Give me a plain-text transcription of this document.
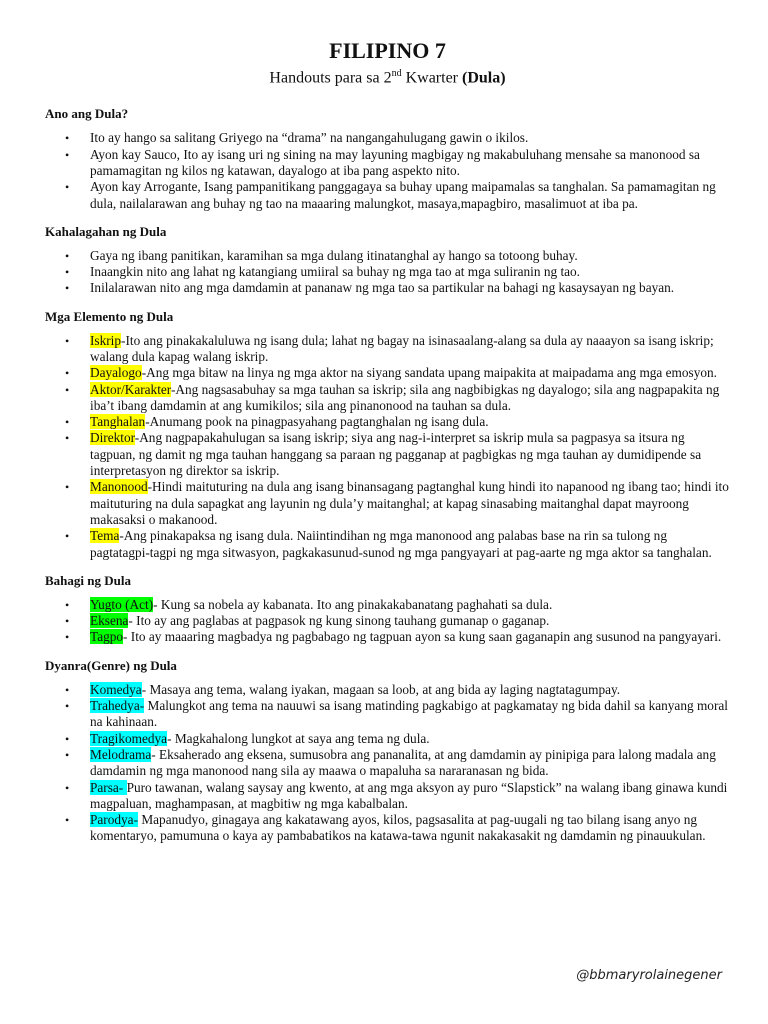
FILIPINO 7
Handouts para sa 2nd Kwarter (Dula)
Ano ang Dula?
• Ito ay hango sa salitang Griyego na “drama” na nangangahulugang gawin o ikilos.
• Ayon kay Sauco, Ito ay isang uri ng sining na may layuning magbigay ng makabuluhang mensahe sa manonood sa pamamagitan ng kilos ng katawan, dayalogo at iba pang aspekto nito.
• Ayon kay Arrogante, Isang pampanitikang panggagaya sa buhay upang maipamalas sa tanghalan. Sa pamamagitan ng dula, nailalarawan ang buhay ng tao na maaaring malungkot, masaya,mapagbiro, masalimuot at iba pa.
Kahalagahan ng Dula
• Gaya ng ibang panitikan, karamihan sa mga dulang itinatanghal ay hango sa totoong buhay.
• Inaangkin nito ang lahat ng katangiang umiiral sa buhay ng mga tao at mga suliranin ng tao.
• Inilalarawan nito ang mga damdamin at pananaw ng mga tao sa partikular na bahagi ng kasaysayan ng bayan.
Mga Elemento ng Dula
• Iskrip-Ito ang pinakakaluluwa ng isang dula; lahat ng bagay na isinasaalang-alang sa dula ay naaayon sa isang iskrip; walang dula kapag walang iskrip.
• Dayalogo-Ang mga bitaw na linya ng mga aktor na siyang sandata upang maipakita at maipadama ang mga emosyon.
• Aktor/Karakter-Ang nagsasabuhay sa mga tauhan sa iskrip; sila ang nagbibigkas ng dayalogo; sila ang nagpapakita ng iba’t ibang damdamin at ang kumikilos; sila ang pinanonood na tauhan sa dula.
• Tanghalan-Anumang pook na pinagpasyahang pagtanghalan ng isang dula.
• Direktor-Ang nagpapakahulugan sa isang iskrip; siya ang nag-i-interpret sa iskrip mula sa pagpasya sa itsura ng tagpuan, ng damit ng mga tauhan hanggang sa paraan ng pagganap at pagbigkas ng mga tauhan ay dumidipende sa interpretasyon ng direktor sa iskrip.
• Manonood-Hindi maituturing na dula ang isang binansagang pagtanghal kung hindi ito napanood ng ibang tao; hindi ito maituturing na dula sapagkat ang layunin ng dula’y maitanghal; at kapag sinasabing maitanghal dapat mayroong makasaksi o makanood.
• Tema-Ang pinakapaksa ng isang dula. Naiintindihan ng mga manonood ang palabas base na rin sa tulong ng pagtatagpi-tagpi ng mga sitwasyon, pagkakasunud-sunod ng mga pangyayari at pag-aarte ng mga aktor sa tanghalan.
Bahagi ng Dula
• Yugto (Act)- Kung sa nobela ay kabanata. Ito ang pinakakabanatang paghahati sa dula.
• Eksena- Ito ay ang paglabas at pagpasok ng kung sinong tauhang gumanap o gaganap.
• Tagpo- Ito ay maaaring magbadya ng pagbabago ng tagpuan ayon sa kung saan gaganapin ang susunod na pangyayari.
Dyanra(Genre) ng Dula
• Komedya- Masaya ang tema, walang iyakan, magaan sa loob, at ang bida ay laging nagtatagumpay.
• Trahedya- Malungkot ang tema na nauuwi sa isang matinding pagkabigo at pagkamatay ng bida dahil sa kanyang moral na kahinaan.
• Tragikomedya- Magkahalong lungkot at saya ang tema ng dula.
• Melodrama- Eksaherado ang eksena, sumusobra ang pananalita, at ang damdamin ay pinipiga para lalong madala ang damdamin ng mga manonood nang sila ay maawa o mapaluha sa nararanasan ng bida.
• Parsa- Puro tawanan, walang saysay ang kwento, at ang mga aksyon ay puro “Slapstick” na walang ibang ginawa kundi magpaluan, maghampasan, at magbitiw ng mga kabalbalan.
• Parodya- Mapanudyo, ginagaya ang kakatawang ayos, kilos, pagsasalita at pag-uugali ng tao bilang isang anyo ng komentaryo, pamumuna o kaya ay pambabatikos na katawa-tawa ngunit nakakasakit ng damdamin ng pinauukulan.
@bbmaryrolainegener
